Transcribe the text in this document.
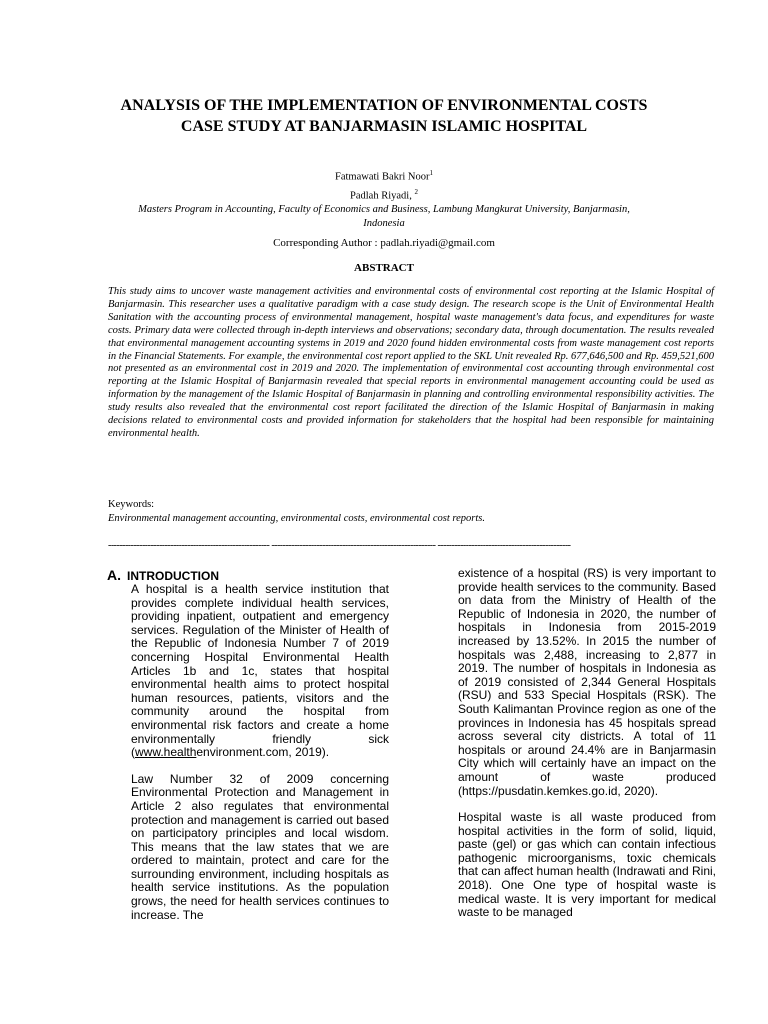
ANALYSIS OF THE IMPLEMENTATION OF ENVIRONMENTAL COSTS
CASE STUDY AT BANJARMASIN ISLAMIC HOSPITAL
Fatmawati Bakri Noor$^1$
Padlah Riyadi, $^2$
Masters Program in Accounting, Faculty of Economics and Business, Lambung Mangkurat University, Banjarmasin,
Indonesia
Corresponding Author : padlah.riyadi@gmail.com
ABSTRACT
This study aims to uncover waste management activities and environmental costs of environmental cost reporting at the Islamic Hospital of Banjarmasin. This researcher uses a qualitative paradigm with a case study design. The research scope is the Unit of Environmental Health Sanitation with the accounting process of environmental management, hospital waste management's data focus, and expenditures for waste costs. Primary data were collected through in-depth interviews and observations; secondary data, through documentation. The results revealed that environmental management accounting systems in 2019 and 2020 found hidden environmental costs from waste management cost reports in the Financial Statements. For example, the environmental cost report applied to the SKL Unit revealed Rp. 677,646,500 and Rp. 459,521,600 not presented as an environmental cost in 2019 and 2020. The implementation of environmental cost accounting through environmental cost reporting at the Islamic Hospital of Banjarmasin revealed that special reports in environmental management accounting could be used as information by the management of the Islamic Hospital of Banjarmasin in planning and controlling environmental responsibility activities. The study results also revealed that the environmental cost report facilitated the direction of the Islamic Hospital of Banjarmasin in making decisions related to environmental costs and provided information for stakeholders that the hospital had been responsible for maintaining environmental health.
Keywords:
Environmental management accounting, environmental costs, environmental cost reports.
--------------------------------------------------------- ---------------------------------------------------------- -----------------------------------------------
A. INTRODUCTION

A hospital is a health service institution that provides complete individual health services, providing inpatient, outpatient and emergency services. Regulation of the Minister of Health of the Republic of Indonesia Number 7 of 2019 concerning Hospital Environmental Health Articles 1b and 1c, states that hospital environmental health aims to protect hospital human resources, patients, visitors and the community around the hospital from environmental risk factors and create a home environmentally friendly sick (www.healthenvironment.com, 2019).

Law Number 32 of 2009 concerning Environmental Protection and Management in Article 2 also regulates that environmental protection and management is carried out based on participatory principles and local wisdom. This means that the law states that we are ordered to maintain, protect and care for the surrounding environment, including hospitals as health service institutions. As the population grows, the need for health services continues to increase. The

existence of a hospital (RS) is very important to provide health services to the community. Based on data from the Ministry of Health of the Republic of Indonesia in 2020, the number of hospitals in Indonesia from 2015-2019 increased by 13.52%. In 2015 the number of hospitals was 2,488, increasing to 2,877 in 2019. The number of hospitals in Indonesia as of 2019 consisted of 2,344 General Hospitals (RSU) and 533 Special Hospitals (RSK). The South Kalimantan Province region as one of the provinces in Indonesia has 45 hospitals spread across several city districts. A total of 11 hospitals or around 24.4% are in Banjarmasin City which will certainly have an impact on the amount of waste produced (https://pusdatin.kemkes.go.id, 2020).

Hospital waste is all waste produced from hospital activities in the form of solid, liquid, paste (gel) or gas which can contain infectious pathogenic microorganisms, toxic chemicals that can affect human health (Indrawati and Rini, 2018). One One type of hospital waste is medical waste. It is very important for medical waste to be managed
